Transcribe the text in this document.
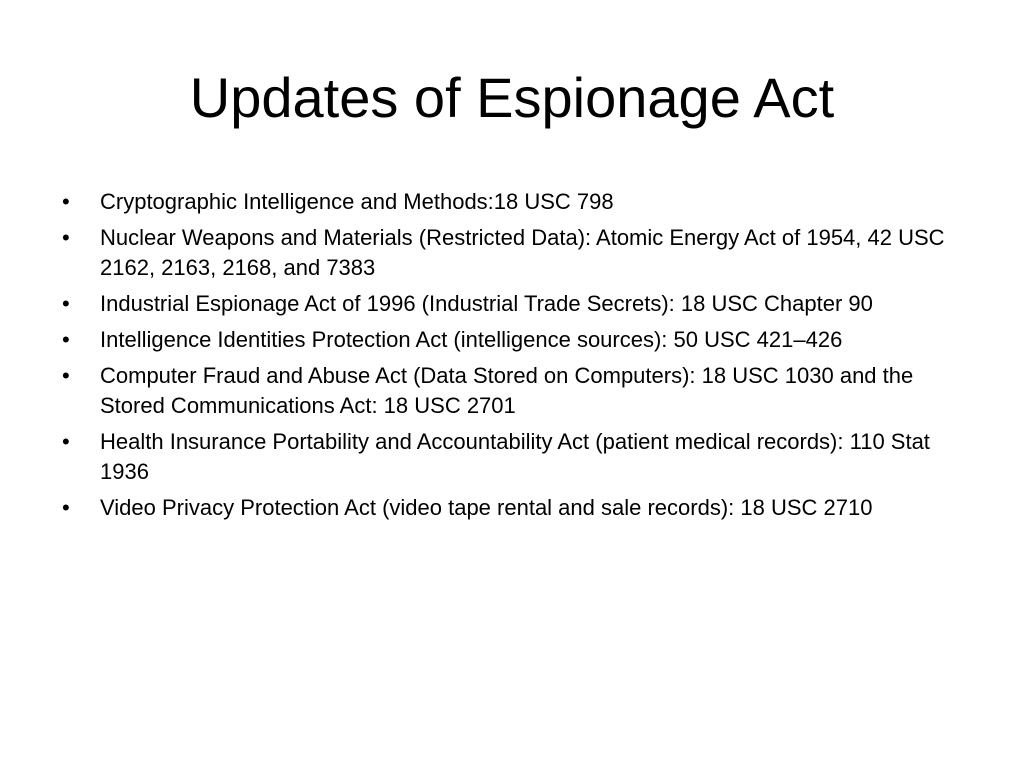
Updates of Espionage Act
• Cryptographic Intelligence and Methods:18 USC 798
• Nuclear Weapons and Materials (Restricted Data): Atomic Energy Act of 1954, 42 USC 2162, 2163, 2168, and 7383
• Industrial Espionage Act of 1996 (Industrial Trade Secrets): 18 USC Chapter 90
• Intelligence Identities Protection Act (intelligence sources): 50 USC 421–426
• Computer Fraud and Abuse Act (Data Stored on Computers): 18 USC 1030 and the Stored Communications Act: 18 USC 2701
• Health Insurance Portability and Accountability Act (patient medical records): 110 Stat 1936
• Video Privacy Protection Act (video tape rental and sale records): 18 USC 2710
